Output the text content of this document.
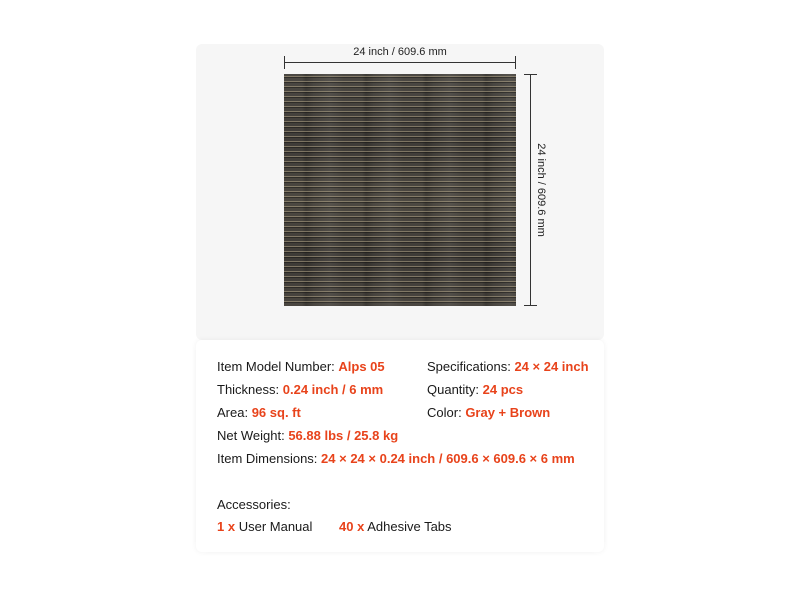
24 inch / 609.6 mm
24 inch / 609.6 mm
Item Model Number: Alps 05	Specifications: 24 × 24 inch
Thickness: 0.24 inch / 6 mm	Quantity: 24 pcs
Area: 96 sq. ft	Color: Gray + Brown
Net Weight: 56.88 lbs / 25.8 kg
Item Dimensions: 24 × 24 × 0.24 inch / 609.6 × 609.6 × 6 mm
Accessories:
1 x User Manual 40 x Adhesive Tabs
